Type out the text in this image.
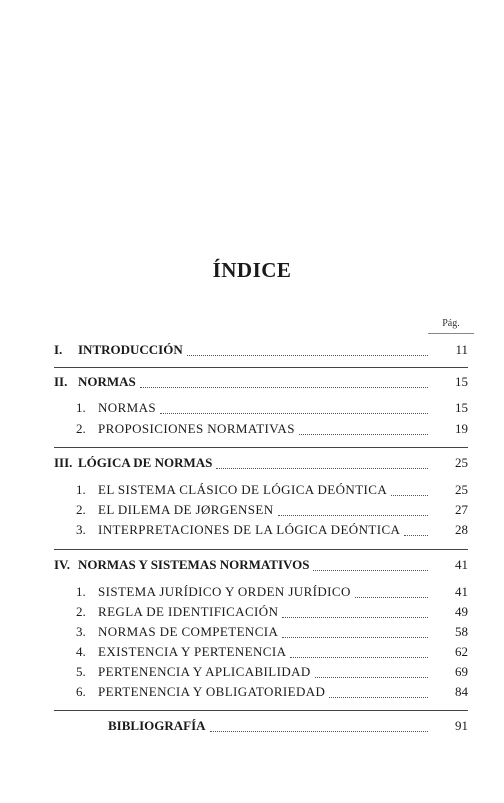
ÍNDICE
Pág.
I.	INTRODUCCIÓN	11
II. NORMAS	15
1. NORMAS	15
2. PROPOSICIONES NORMATIVAS	19
III. LÓGICA DE NORMAS	25
1. EL SISTEMA CLÁSICO DE LÓGICA DEÓNTICA	25
2. EL DILEMA DE JØRGENSEN	27
3. INTERPRETACIONES DE LA LÓGICA DEÓNTICA	28
IV. NORMAS Y SISTEMAS NORMATIVOS	41
1. SISTEMA JURÍDICO Y ORDEN JURÍDICO	41
2. REGLA DE IDENTIFICACIÓN	49
3. NORMAS DE COMPETENCIA	58
4. EXISTENCIA Y PERTENENCIA	62
5. PERTENENCIA Y APLICABILIDAD	69
6. PERTENENCIA Y OBLIGATORIEDAD	84
BIBLIOGRAFÍA	91
